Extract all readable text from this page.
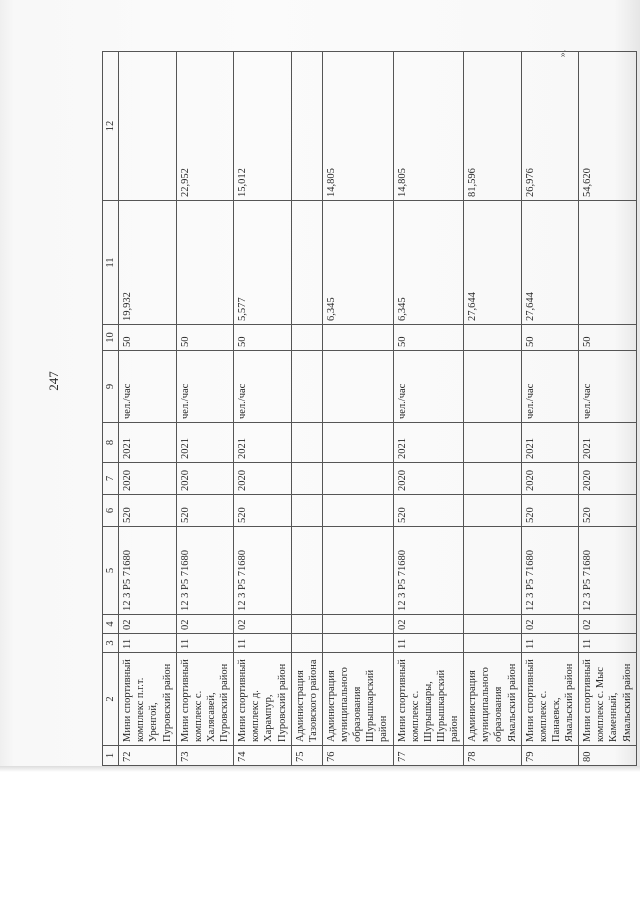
247
».
1	2	3	4	5	6	7	8	9	10	11	12
72	Мини спортивный комплекс п.г.т. Уренгой, Пуровский район	11	02	12 3 P5 71680	520	2020	2021	чел./час	50	19,932	
73	Мини спортивный комплекс с. Халясавей, Пуровский район	11	02	12 3 P5 71680	520	2020	2021	чел./час	50		22,952
74	Мини спортивный комплекс д. Харампур, Пуровский район	11	02	12 3 P5 71680	520	2020	2021	чел./час	50	5,577	15,012
75	Администрация Тазовского района										
76	Администрация муниципального образования Шурышкарский район									6,345	14,805
77	Мини спортивный комплекс с. Шурышкары, Шурышкарский район	11	02	12 3 P5 71680	520	2020	2021	чел./час	50	6,345	14,805
78	Администрация муниципального образования Ямальский район									27,644	81,596
79	Мини спортивный комплекс с. Панаевск, Ямальский район	11	02	12 3 P5 71680	520	2020	2021	чел./час	50	27,644	26,976
80	Мини спортивный комплекс с. Мыс Каменный, Ямальский район	11	02	12 3 P5 71680	520	2020	2021	чел./час	50		54,620
